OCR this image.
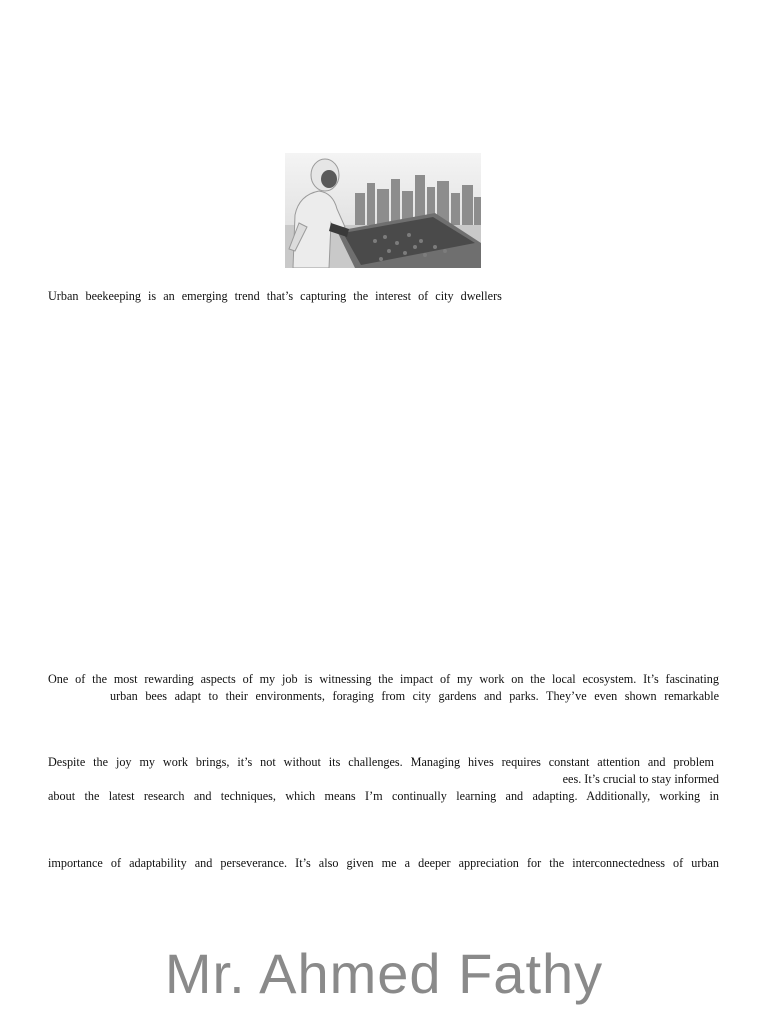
Urban beekeeping is an emerging trend that’s capturing the interest of city dwellers
One of the most rewarding aspects of my job is witnessing the impact of my work on the local ecosystem. It’s fascinating
urban bees adapt to their environments, foraging from city gardens and parks. They’ve even shown remarkable
Despite the joy my work brings, it’s not without its challenges. Managing hives requires constant attention and problem
ees. It’s crucial to stay informed
about the latest research and techniques, which means I’m continually learning and adapting. Additionally, working in
importance of adaptability and perseverance. It’s also given me a deeper appreciation for the interconnectedness of urban
Mr. Ahmed Fathy
